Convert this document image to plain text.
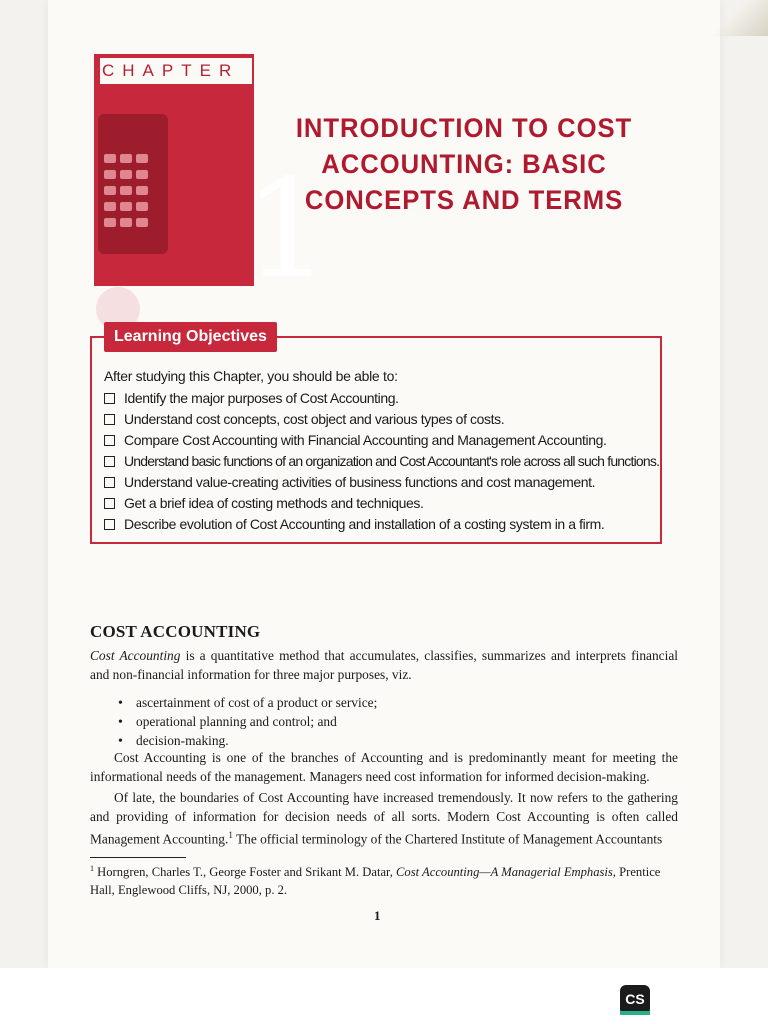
CHAPTER
1
INTRODUCTION TO COST
ACCOUNTING: BASIC
CONCEPTS AND TERMS
Learning Objectives
After studying this Chapter, you should be able to:
Identify the major purposes of Cost Accounting.
Understand cost concepts, cost object and various types of costs.
Compare Cost Accounting with Financial Accounting and Management Accounting.
Understand basic functions of an organization and Cost Accountant's role across all such functions.
Understand value-creating activities of business functions and cost management.
Get a brief idea of costing methods and techniques.
Describe evolution of Cost Accounting and installation of a costing system in a firm.
COST ACCOUNTING

Cost Accounting is a quantitative method that accumulates, classifies, summarizes and interprets financial and non-financial information for three major purposes, viz.

• ascertainment of cost of a product or service;
• operational planning and control; and
• decision-making.

Cost Accounting is one of the branches of Accounting and is predominantly meant for meeting the informational needs of the management. Managers need cost information for informed decision-making.

Of late, the boundaries of Cost Accounting have increased tremendously. It now refers to the gathering and providing of information for decision needs of all sorts. Modern Cost Accounting is often called Management Accounting.$^1$ The official terminology of the Chartered Institute of Management Accountants

$^1$ Horngren, Charles T., George Foster and Srikant M. Datar, Cost Accounting—A Managerial Emphasis, Prentice Hall, Englewood Cliffs, NJ, 2000, p. 2.

1
CS
